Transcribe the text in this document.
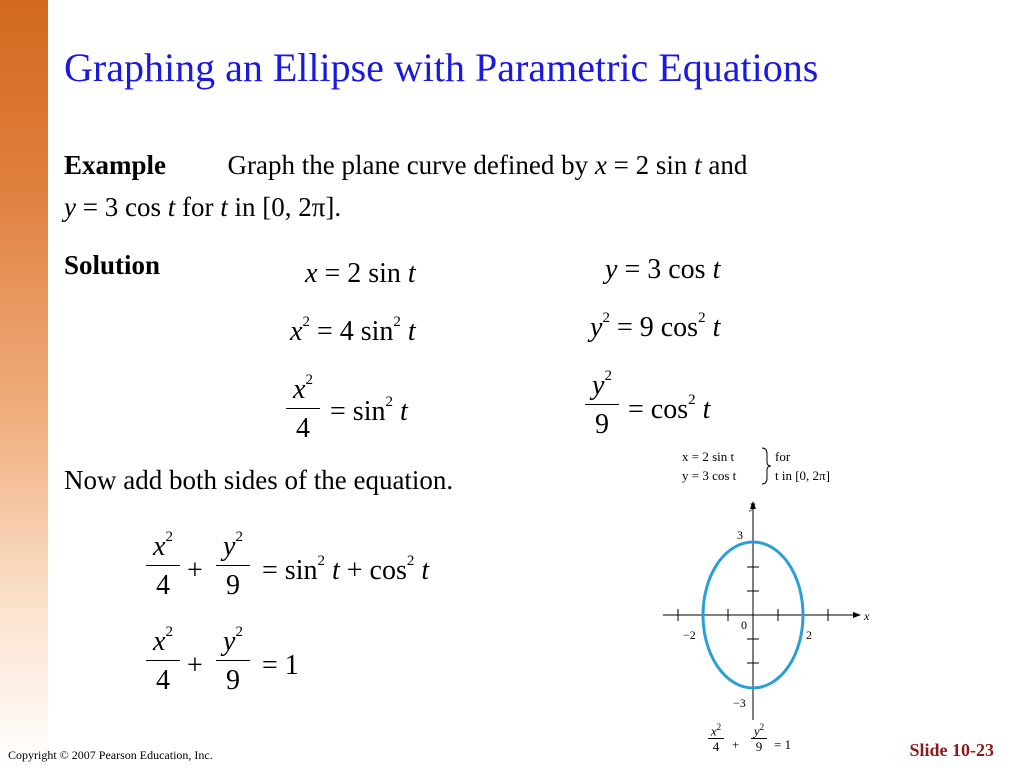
Graphing an Ellipse with Parametric Equations
Example Graph the plane curve defined by x = 2 sin t and
y = 3 cos t for t in [0, 2π].
Solution	x = 2 sin t
$x^2 = 4$ $\sin^2 t$
$x^2$
4
= $\sin^2 t$
y = 3 cos t
$y^2 = 9$ $\cos^2 t$
$y^2$
$9 = \cos^2 t$
Now add both sides of the equation.
$x^2$
4 +
$y^2$
$9 = \sin^2 t + \cos^2 t$
$x^2$
4 +
$y^2$
9 = 1
x = 2 sin t
y = 3 cos t
for
t in [0, 2π]
x
y
3
−3
2
−2
0
$x^2$
4 +
$y^2$
9 = 1
Copyright © 2007 Pearson Education, Inc.	Slide 10-23
